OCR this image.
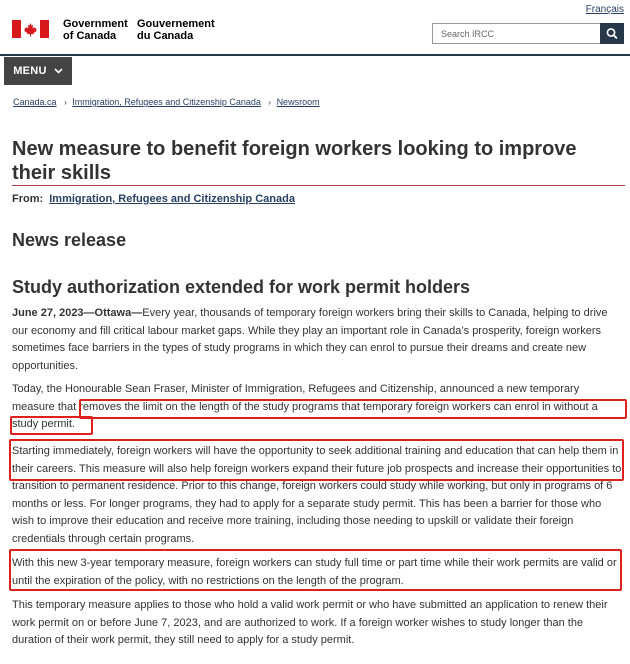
Français
Government
of Canada
Gouvernement
du Canada
Search IRCC
MENU
Canada.ca › Immigration, Refugees and Citizenship Canada › Newsroom
New measure to benefit foreign workers looking to improve their skills
From: Immigration, Refugees and Citizenship Canada
News release
Study authorization extended for work permit holders

June 27, 2023—Ottawa—Every year, thousands of temporary foreign workers bring their skills to Canada, helping to drive our economy and fill critical labour market gaps. While they play an important role in Canada’s prosperity, foreign workers sometimes face barriers in the types of study programs in which they can enrol to pursue their dreams and create new opportunities.

Today, the Honourable Sean Fraser, Minister of Immigration, Refugees and Citizenship, announced a new temporary measure that removes the limit on the length of the study programs that temporary foreign workers can enrol in without a study permit.

Starting immediately, foreign workers will have the opportunity to seek additional training and education that can help them in their careers. This measure will also help foreign workers expand their future job prospects and increase their opportunities to transition to permanent residence. Prior to this change, foreign workers could study while working, but only in programs of 6 months or less. For longer programs, they had to apply for a separate study permit. This has been a barrier for those who wish to improve their education and receive more training, including those needing to upskill or validate their foreign credentials through certain programs.

With this new 3-year temporary measure, foreign workers can study full time or part time while their work permits are valid or until the expiration of the policy, with no restrictions on the length of the program.

This temporary measure applies to those who hold a valid work permit or who have submitted an application to renew their work permit on or before June 7, 2023, and are authorized to work. If a foreign worker wishes to study longer than the duration of their work permit, they still need to apply for a study permit.
